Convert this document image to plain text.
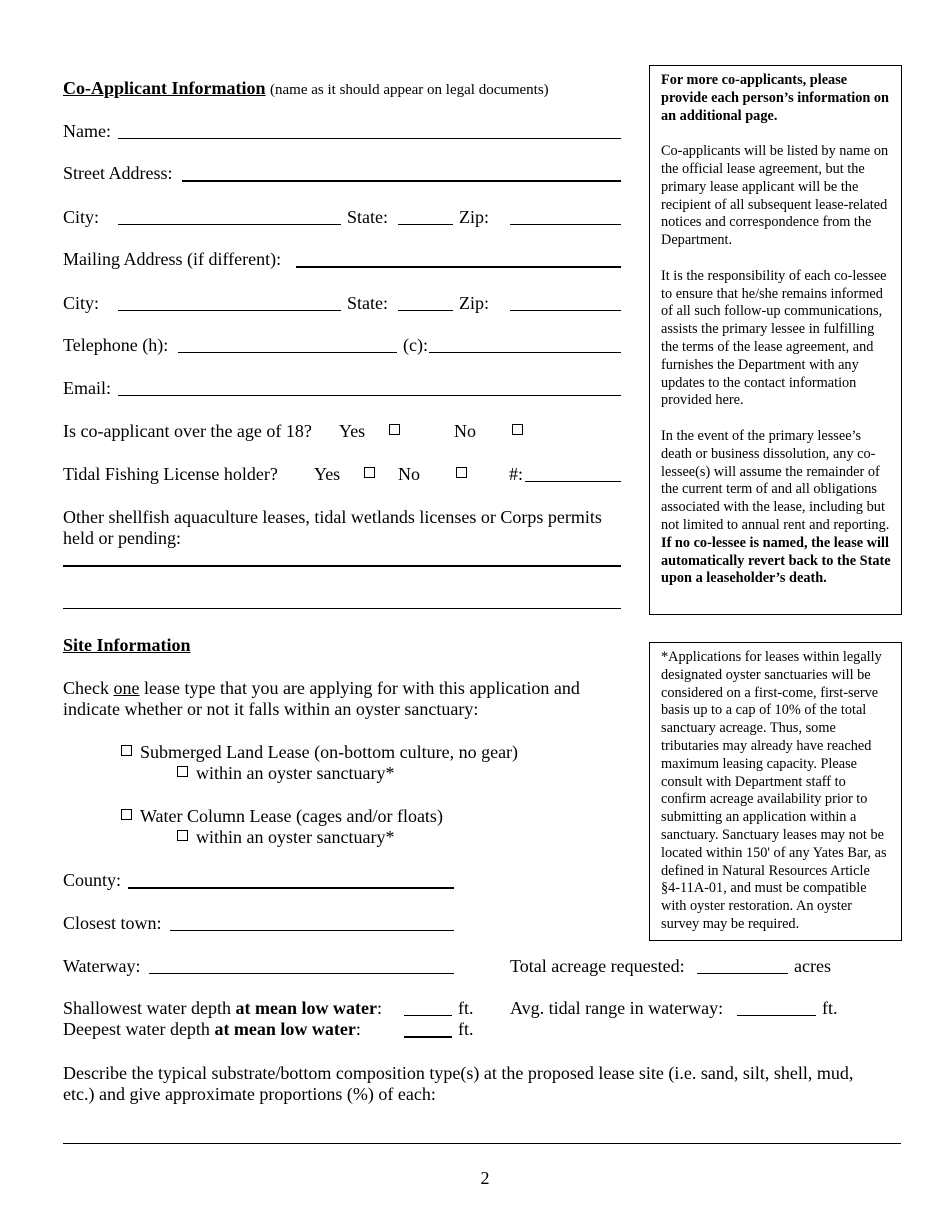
Co-Applicant Information (name as it should appear on legal documents)
Name:
Street Address:
City:	State:	Zip:
Mailing Address (if different):
City:	State:	Zip:
Telephone (h):	(c):
Email:
Is co-applicant over the age of 18? Yes	No
Tidal Fishing License holder? Yes	No	#:
Other shellfish aquaculture leases, tidal wetlands licenses or Corps permits
held or pending:

For more co-applicants, please provide each person’s information on an additional page.

Co-applicants will be listed by name on the official lease agreement, but the primary lease applicant will be the recipient of all subsequent lease-related notices and correspondence from the Department.

It is the responsibility of each co-lessee to ensure that he/she remains informed of all such follow-up communications, assists the primary lessee in fulfilling the terms of the lease agreement, and furnishes the Department with any updates to the contact information provided here.

In the event of the primary lessee’s death or business dissolution, any co-lessee(s) will assume the remainder of the current term of and all obligations associated with the lease, including but not limited to annual rent and reporting. If no co-lessee is named, the lease will automatically revert back to the State upon a leaseholder’s death.

Site Information
Check one lease type that you are applying for with this application and
indicate whether or not it falls within an oyster sanctuary:
Submerged Land Lease (on-bottom culture, no gear)
within an oyster sanctuary*
Water Column Lease (cages and/or floats)
within an oyster sanctuary*
County:
Closest town:
Waterway:	Total acreage requested:	acres
Shallowest water depth at mean low water:	ft.
Deepest water depth at mean low water:	ft.
Avg. tidal range in waterway:	ft.
Describe the typical substrate/bottom composition type(s) at the proposed lease site (i.e. sand, silt, shell, mud,
etc.) and give approximate proportions (%) of each:

*Applications for leases within legally designated oyster sanctuaries will be considered on a first-come, first-serve basis up to a cap of 10% of the total sanctuary acreage. Thus, some tributaries may already have reached maximum leasing capacity. Please consult with Department staff to confirm acreage availability prior to submitting an application within a sanctuary. Sanctuary leases may not be located within 150' of any Yates Bar, as defined in Natural Resources Article §4-11A-01, and must be compatible with oyster restoration. An oyster survey may be required.

2
